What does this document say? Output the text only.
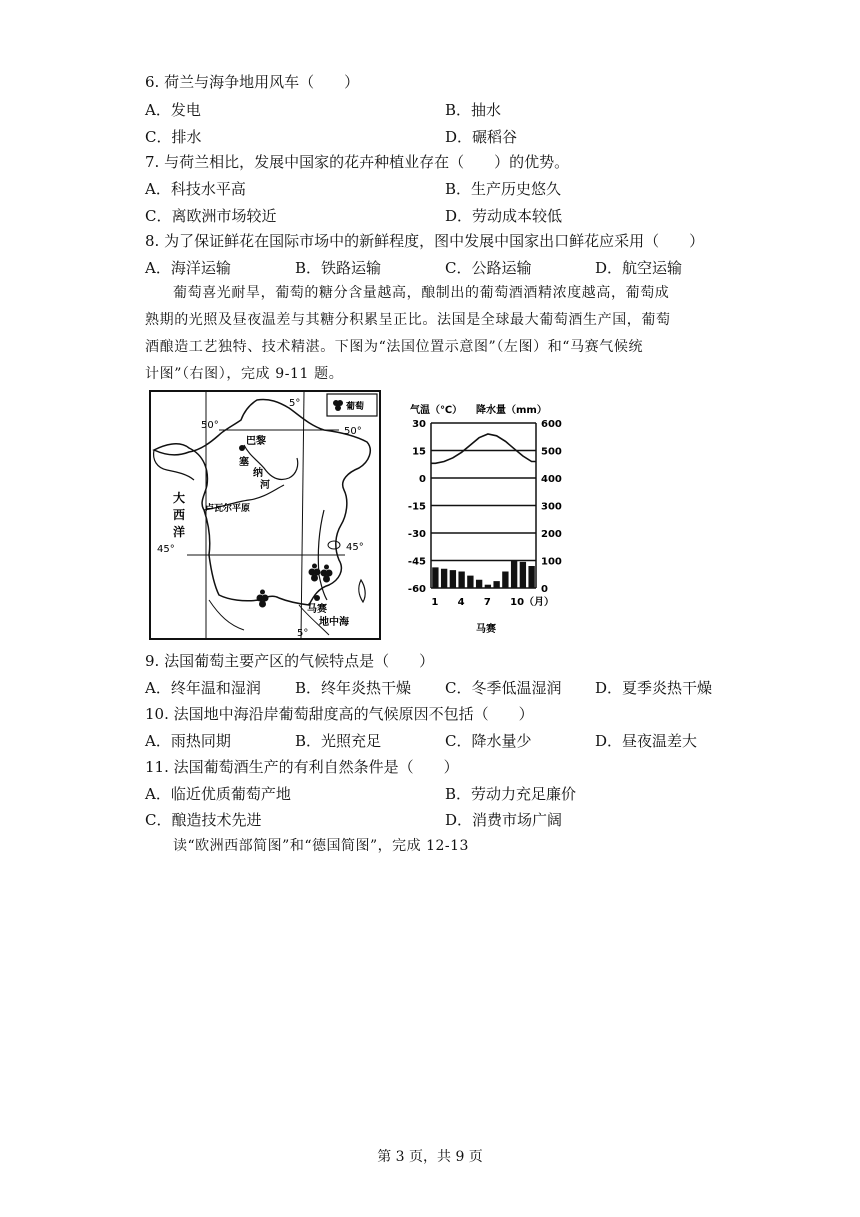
6. 荷兰与海争地用风车（　　）
A．发电	B．抽水
C．排水	D．碾稻谷
7. 与荷兰相比，发展中国家的花卉种植业存在（　　）的优势。
A．科技水平高	B．生产历史悠久
C．离欧洲市场较近	D．劳动成本较低
8. 为了保证鲜花在国际市场中的新鲜程度，图中发展中国家出口鲜花应采用（　　）
A．海洋运输	B．铁路运输	C．公路运输	D．航空运输

葡萄喜光耐旱，葡萄的糖分含量越高，酿制出的葡萄酒酒精浓度越高，葡萄成

熟期的光照及昼夜温差与其糖分积累呈正比。法国是全球最大葡萄酒生产国，葡萄

酒酿造工艺独特、技术精湛。下图为“法国位置示意图”（左图）和“马赛气候统

计图”（右图），完成 9-11 题。

葡萄
50°
50°
45°	45°
5°
5°
巴黎
塞
纳
河
大
西
洋
卢瓦尔平原
马赛
地中海
气温（℃） 降水量（mm）
30
15
0
-15
-30
-45
-60
600
500
400
300
200
100
0
1 4 7 10（月）
马赛
9. 法国葡萄主要产区的气候特点是（　　）
A．终年温和湿润 B．终年炎热干燥 C．冬季低温湿润 D．夏季炎热干燥
10. 法国地中海沿岸葡萄甜度高的气候原因不包括（　　）
A．雨热同期	B．光照充足	C．降水量少	D．昼夜温差大
11. 法国葡萄酒生产的有利自然条件是（　　）
A．临近优质葡萄产地	B．劳动力充足廉价
C．酿造技术先进	D．消费市场广阔
读“欧洲西部简图”和“德国简图”，完成 12-13
第 3 页，共 9 页
